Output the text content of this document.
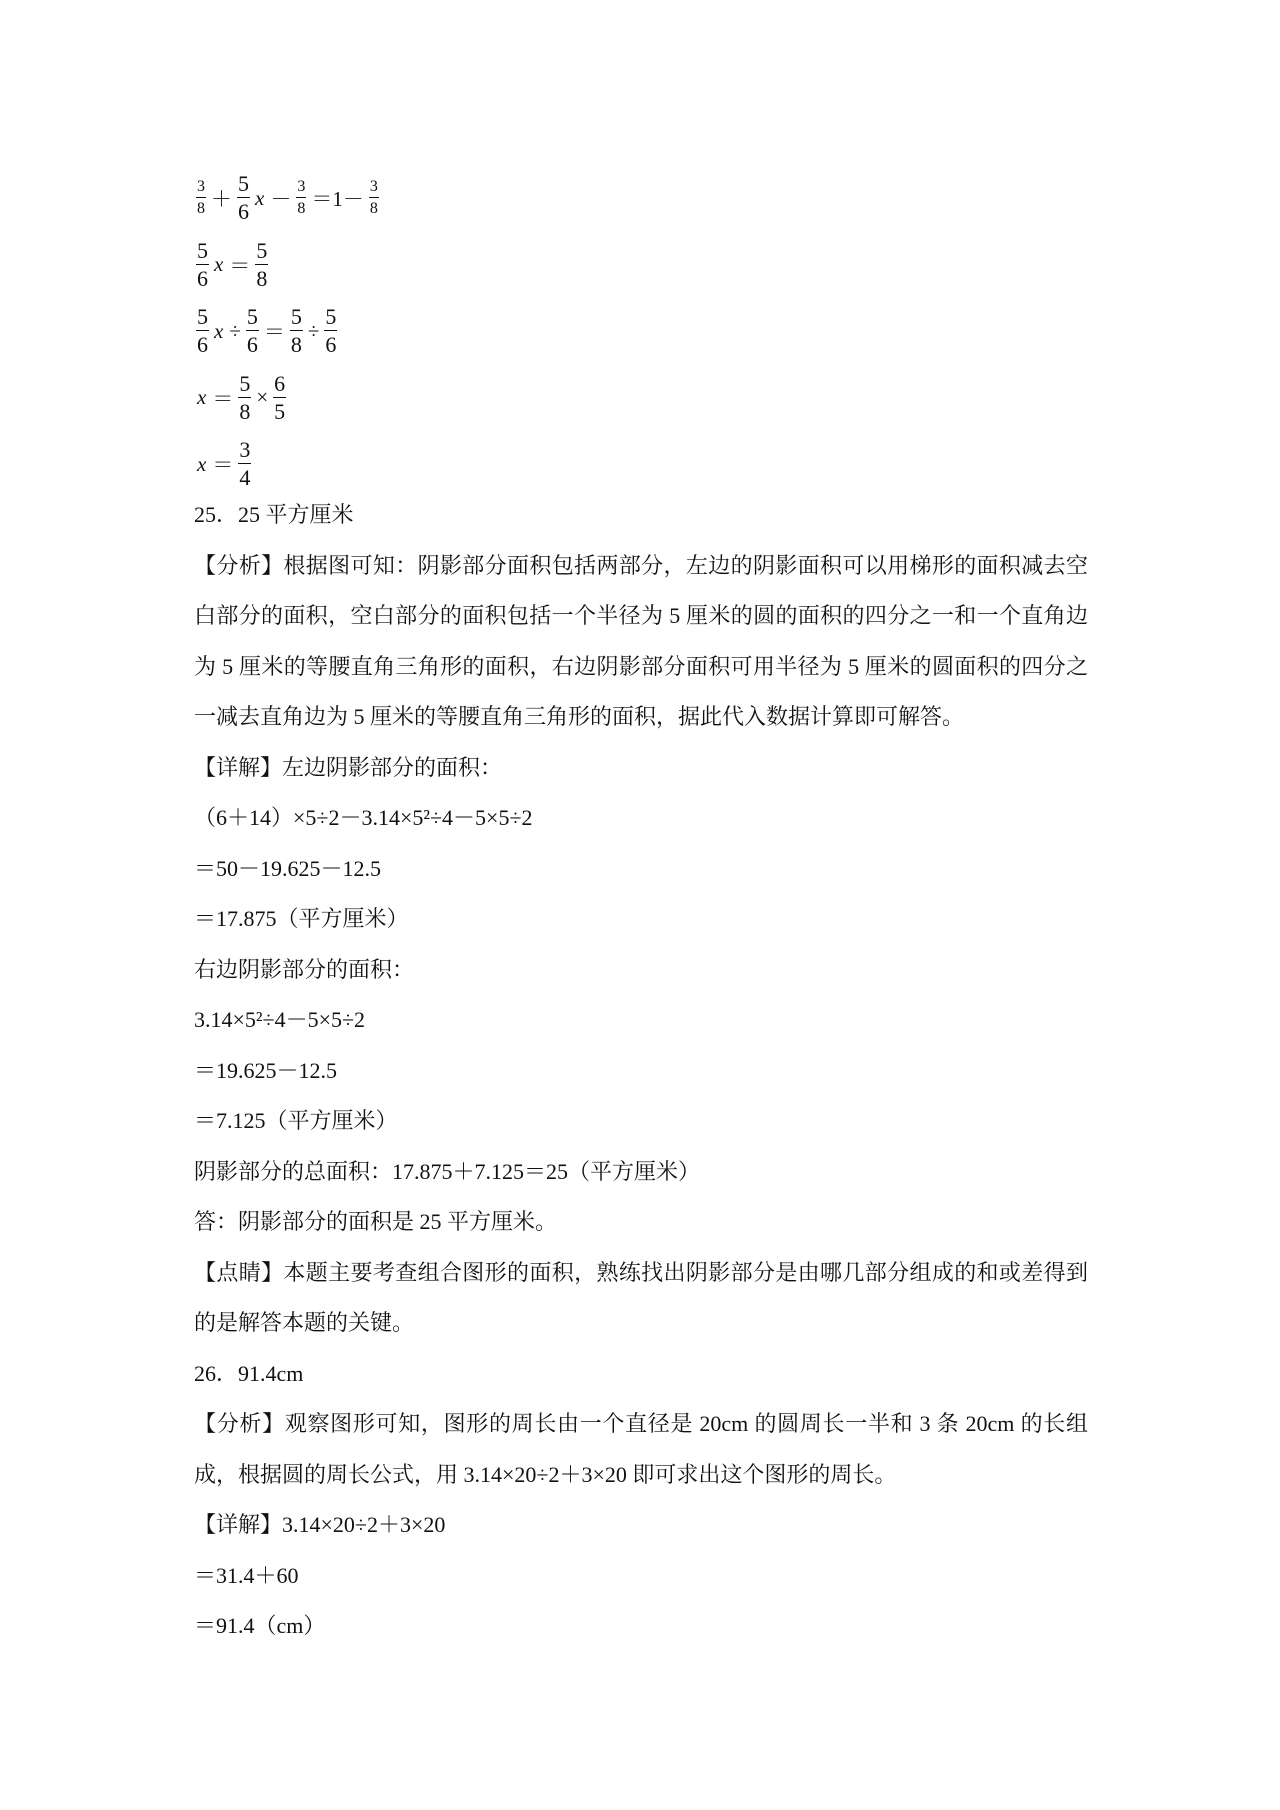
$\frac{3}{8} + \frac{5}{6}$ $x - \frac{3}{8} =1- \frac{3}{8}$
$\frac{5}{6}$ $x = \frac{5}{8}$
$\frac{5}{6}$ $x \div \frac{5}{6} = \frac{5}{8} \div \frac{5}{6}$
$x = \frac{5}{8} \times \frac{6}{5}$
$x = \frac{3}{4}$
25．25 平方厘米
【分析】根据图可知：阴影部分面积包括两部分，左边的阴影面积可以用梯形的面积减去空白部分的面积，空白部分的面积包括一个半径为 5 厘米的圆的面积的四分之一和一个直角边为 5 厘米的等腰直角三角形的面积，右边阴影部分面积可用半径为 5 厘米的圆面积的四分之一减去直角边为 5 厘米的等腰直角三角形的面积，据此代入数据计算即可解答。
【详解】左边阴影部分的面积：
（6＋14）×5÷2－3.14×5²÷4－5×5÷2
＝50－19.625－12.5
＝17.875（平方厘米）
右边阴影部分的面积：
3.14×5²÷4－5×5÷2
＝19.625－12.5
＝7.125（平方厘米）
阴影部分的总面积：17.875＋7.125＝25（平方厘米）
答：阴影部分的面积是 25 平方厘米。
【点睛】本题主要考查组合图形的面积，熟练找出阴影部分是由哪几部分组成的和或差得到的是解答本题的关键。
26．91.4cm
【分析】观察图形可知，图形的周长由一个直径是 20cm 的圆周长一半和 3 条 20cm 的长组成，根据圆的周长公式，用 3.14×20÷2＋3×20 即可求出这个图形的周长。
【详解】3.14×20÷2＋3×20
＝31.4＋60
＝91.4（cm）
